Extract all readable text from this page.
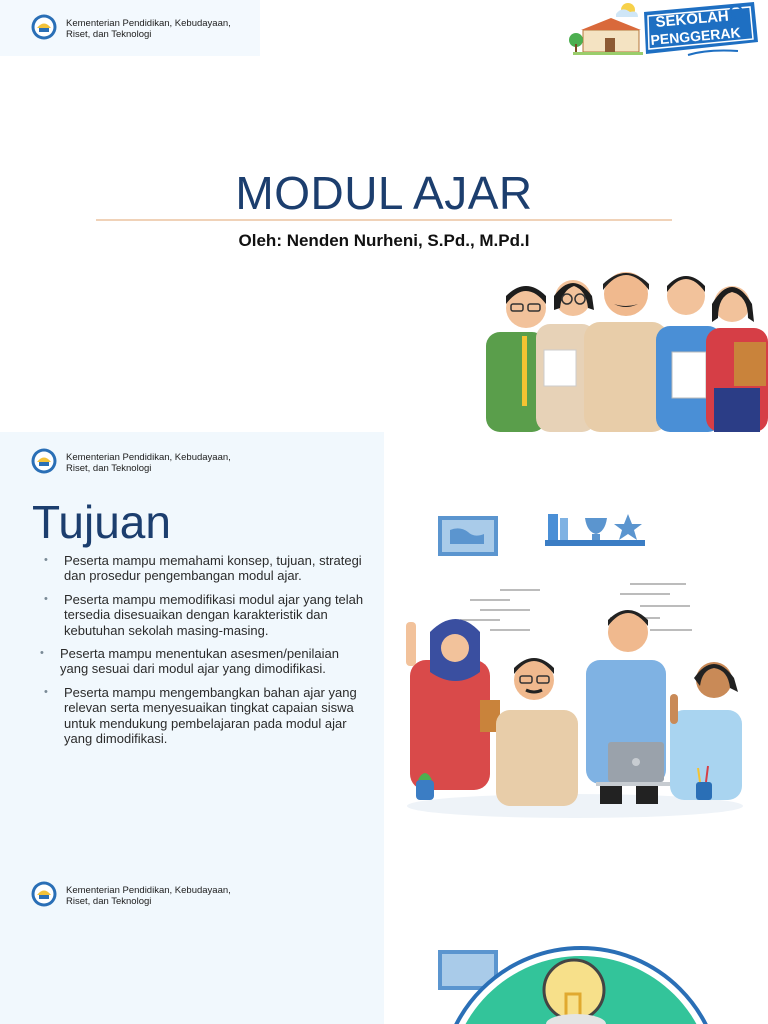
Kementerian Pendidikan, Kebudayaan,
Riset, dan Teknologi
SEKOLAH
PENGGERAK
MODUL AJAR
Oleh: Nenden Nurheni, S.Pd., M.Pd.I
Kementerian Pendidikan, Kebudayaan,
Riset, dan Teknologi
Tujuan
• Peserta mampu memahami konsep, tujuan, strategi dan prosedur pengembangan modul ajar.
• Peserta mampu memodifikasi modul ajar yang telah tersedia disesuaikan dengan karakteristik dan kebutuhan sekolah masing-masing.
• Peserta mampu menentukan asesmen/penilaian yang sesuai dari modul ajar yang dimodifikasi.
• Peserta mampu mengembangkan bahan ajar yang relevan serta menyesuaikan tingkat capaian siswa untuk mendukung pembelajaran pada modul ajar yang dimodifikasi.
Kementerian Pendidikan, Kebudayaan,
Riset, dan Teknologi
